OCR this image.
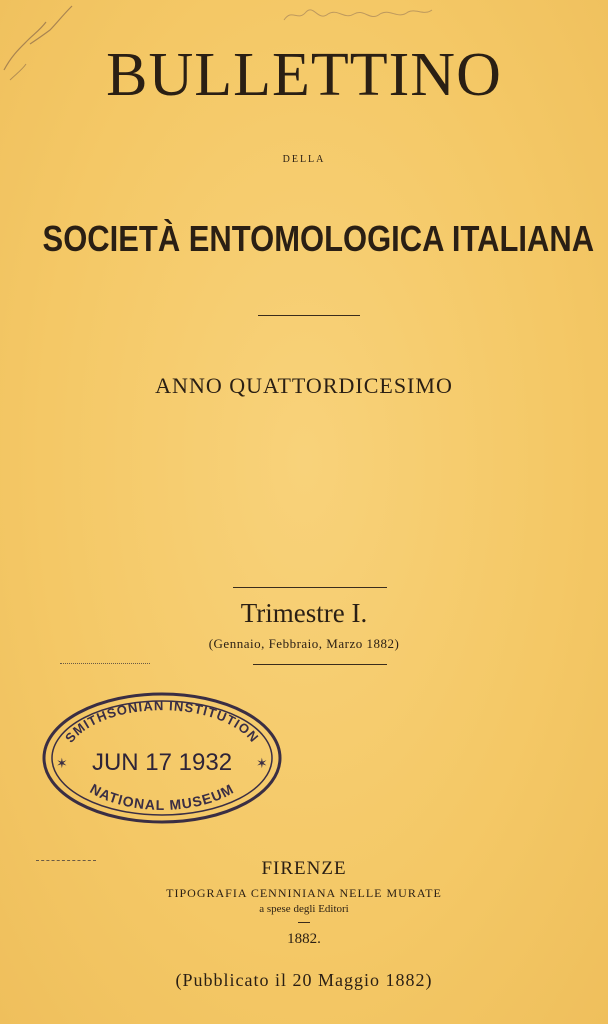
BULLETTINO
DELLA
SOCIETÀ ENTOMOLOGICA ITALIANA
ANNO QUATTORDICESIMO
Trimestre I.
(Gennaio, Febbraio, Marzo 1882)
SMITHSONIAN INSTITUTION
JUN 17 1932
NATIONAL MUSEUM
✶	✶
FIRENZE
TIPOGRAFIA CENNINIANA NELLE MURATE
a spese degli Editori
1882.
(Pubblicato il 20 Maggio 1882)
